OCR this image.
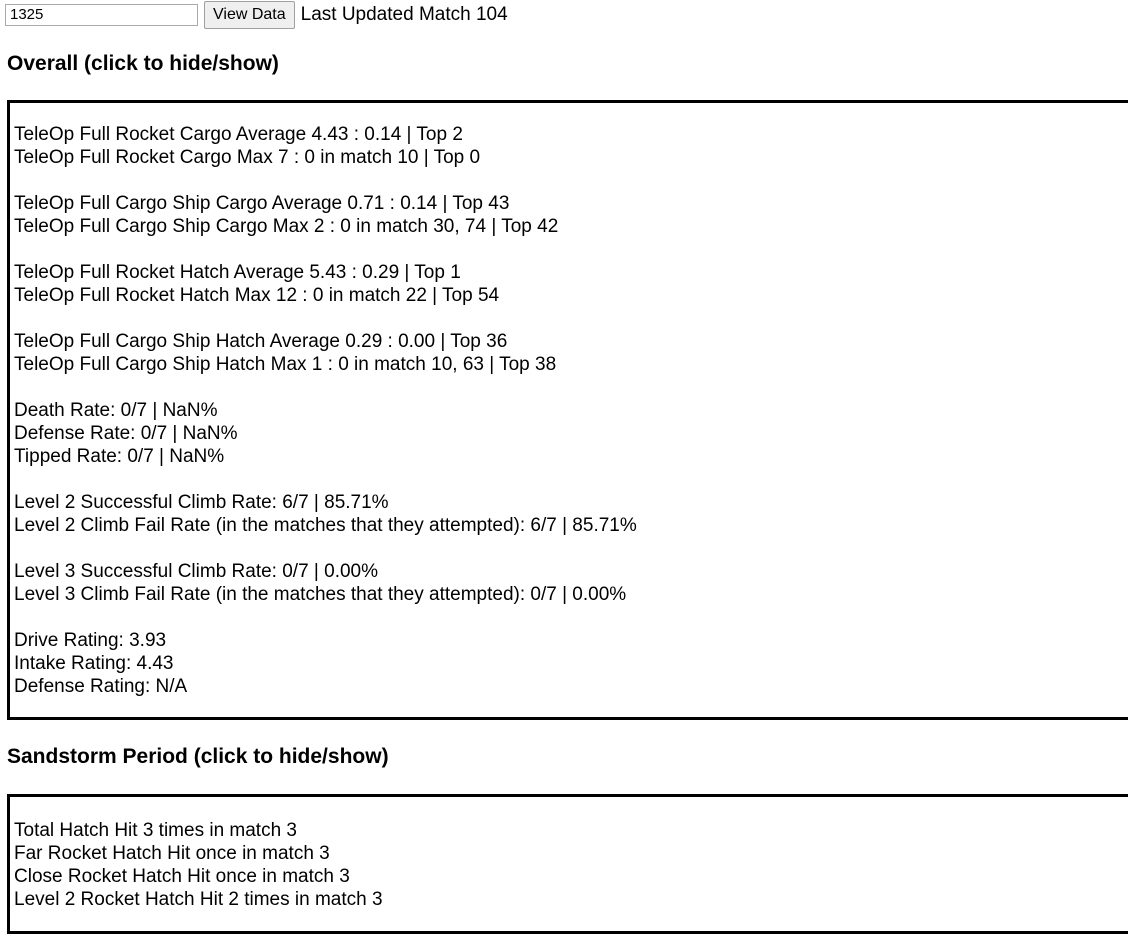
1325
View Data Last Updated Match 104
Overall (click to hide/show)
TeleOp Full Rocket Cargo Average 4.43 : 0.14 | Top 2
TeleOp Full Rocket Cargo Max 7 : 0 in match 10 | Top 0
TeleOp Full Cargo Ship Cargo Average 0.71 : 0.14 | Top 43
TeleOp Full Cargo Ship Cargo Max 2 : 0 in match 30, 74 | Top 42
TeleOp Full Rocket Hatch Average 5.43 : 0.29 | Top 1
TeleOp Full Rocket Hatch Max 12 : 0 in match 22 | Top 54
TeleOp Full Cargo Ship Hatch Average 0.29 : 0.00 | Top 36
TeleOp Full Cargo Ship Hatch Max 1 : 0 in match 10, 63 | Top 38
Death Rate: 0/7 | NaN%
Defense Rate: 0/7 | NaN%
Tipped Rate: 0/7 | NaN%
Level 2 Successful Climb Rate: 6/7 | 85.71%
Level 2 Climb Fail Rate (in the matches that they attempted): 6/7 | 85.71%
Level 3 Successful Climb Rate: 0/7 | 0.00%
Level 3 Climb Fail Rate (in the matches that they attempted): 0/7 | 0.00%
Drive Rating: 3.93
Intake Rating: 4.43
Defense Rating: N/A
Sandstorm Period (click to hide/show)
Total Hatch Hit 3 times in match 3
Far Rocket Hatch Hit once in match 3
Close Rocket Hatch Hit once in match 3
Level 2 Rocket Hatch Hit 2 times in match 3
